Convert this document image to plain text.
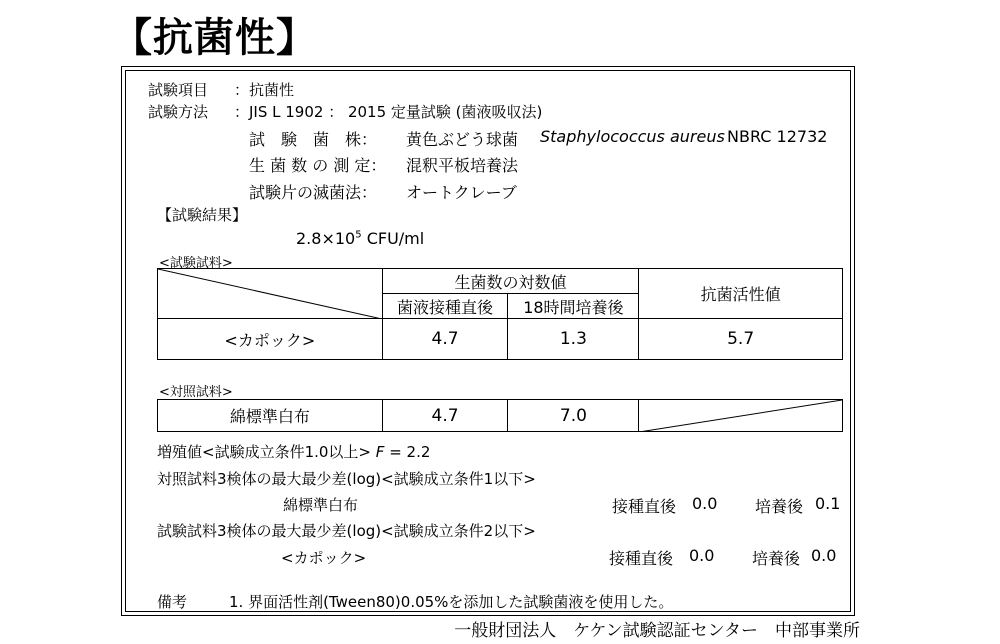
【抗菌性】
試験項目 ：抗菌性
試験方法 ：JIS L 1902 ： 2015 定量試験 (菌液吸収法)
試　験　菌　株： 黄色ぶどう球菌 Staphylococcus aureus NBRC 12732
生 菌 数 の 測 定： 混釈平板培養法
試験片の滅菌法： オートクレーブ
【試験結果】
$2.8\times 10^5$ CFU/ml
<試験試料>
	生菌数の対数値		抗菌活性値
	菌液接種直後	18時間培養後	
<カポック>	4.7	1.3	5.7
<対照試料>
綿標準白布	4.7	7.0	
増殖値<試験成立条件1.0以上> F = 2.2
対照試料3検体の最大最少差(log)<試験成立条件1以下>
綿標準白布	接種直後 0.0 培養後 0.1
試験試料3検体の最大最少差(log)<試験成立条件2以下>
<カポック>	接種直後 0.0 培養後 0.0
備考	1. 界面活性剤(Tween80)0.05%を添加した試験菌液を使用した。
一般財団法人　ケケン試験認証センター　中部事業所
